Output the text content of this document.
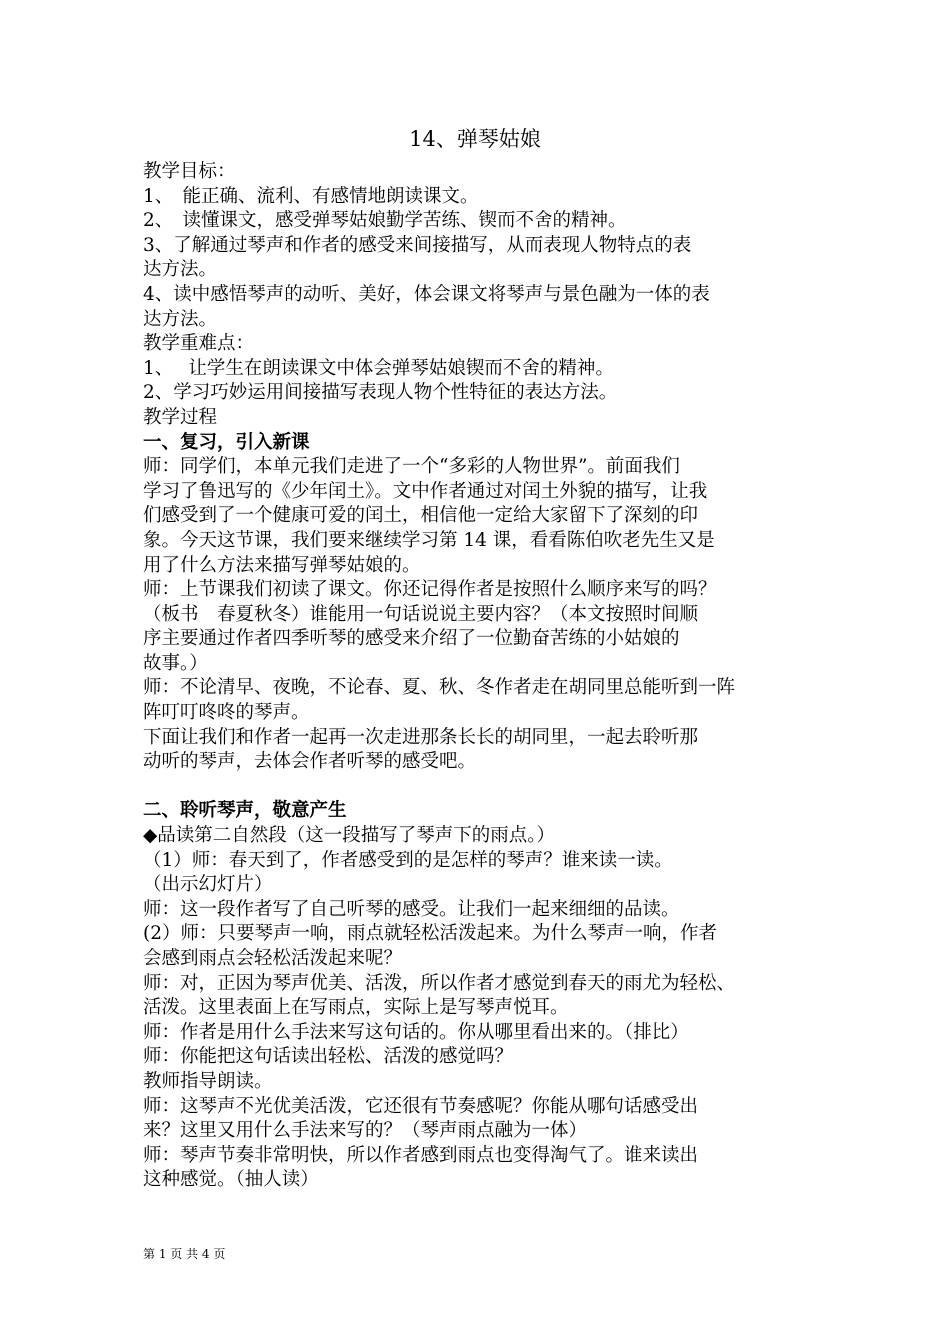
14、弹琴姑娘
教学目标：
1、　能正确、流利、有感情地朗读课文。
2、　读懂课文，感受弹琴姑娘勤学苦练、锲而不舍的精神。
3、了解通过琴声和作者的感受来间接描写，从而表现人物特点的表
达方法。
4、读中感悟琴声的动听、美好，体会课文将琴声与景色融为一体的表
达方法。
教学重难点：
1、　 让学生在朗读课文中体会弹琴姑娘锲而不舍的精神。
2、学习巧妙运用间接描写表现人物个性特征的表达方法。
教学过程
一、复习，引入新课
师：同学们，本单元我们走进了一个“多彩的人物世界”。前面我们
学习了鲁迅写的《少年闰土》。文中作者通过对闰土外貌的描写，让我
们感受到了一个健康可爱的闰土，相信他一定给大家留下了深刻的印
象。今天这节课，我们要来继续学习第 14 课，看看陈伯吹老先生又是
用了什么方法来描写弹琴姑娘的。
师：上节课我们初读了课文。你还记得作者是按照什么顺序来写的吗？
（板书　春夏秋冬）谁能用一句话说说主要内容？（本文按照时间顺
序主要通过作者四季听琴的感受来介绍了一位勤奋苦练的小姑娘的
故事。）
师：不论清早、夜晚，不论春、夏、秋、冬作者走在胡同里总能听到一阵
阵叮叮咚咚的琴声。
下面让我们和作者一起再一次走进那条长长的胡同里，一起去聆听那
动听的琴声，去体会作者听琴的感受吧。
二、聆听琴声，敬意产生
◆品读第二自然段（这一段描写了琴声下的雨点。）
（1）师：春天到了，作者感受到的是怎样的琴声？谁来读一读。
（出示幻灯片）
师：这一段作者写了自己听琴的感受。让我们一起来细细的品读。
(2）师：只要琴声一响，雨点就轻松活泼起来。为什么琴声一响，作者
会感到雨点会轻松活泼起来呢？
师：对，正因为琴声优美、活泼，所以作者才感觉到春天的雨尤为轻松、
活泼。这里表面上在写雨点，实际上是写琴声悦耳。
师：作者是用什么手法来写这句话的。你从哪里看出来的。（排比）
师：你能把这句话读出轻松、活泼的感觉吗？
教师指导朗读。
师：这琴声不光优美活泼，它还很有节奏感呢？你能从哪句话感受出
来？这里又用什么手法来写的？（琴声雨点融为一体）
师：琴声节奏非常明快，所以作者感到雨点也变得淘气了。谁来读出
这种感觉。（抽人读）
第 1 页 共 4 页
